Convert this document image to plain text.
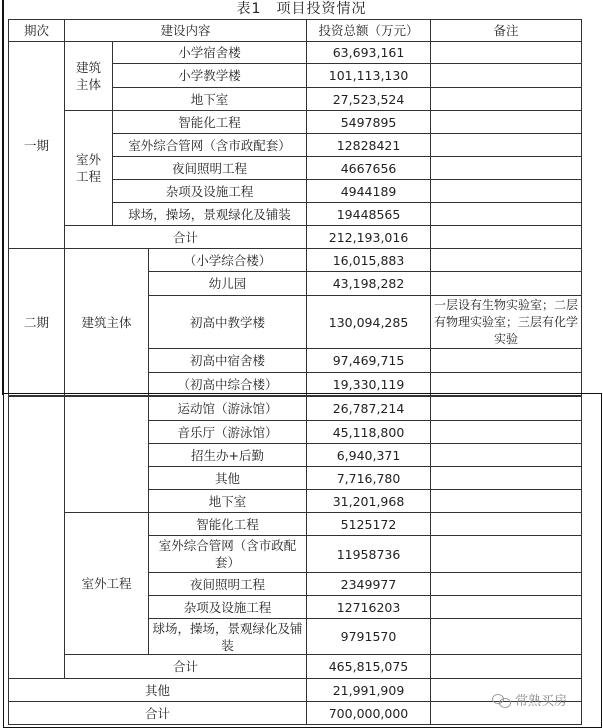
表1　项目投资情况
期次	建设内容			投资总额（万元）	备注
一期	建筑主体	小学宿舍楼		63,693,161	
		小学教学楼		101,113,130	
		地下室		27,523,524	
	室外工程	智能化工程		5497895	
		室外综合管网（含市政配套）		12828421	
		夜间照明工程		4667656	
		杂项及设施工程		4944189	
		球场，操场，景观绿化及铺装		19448565	
	合计			212,193,016	
二期	建筑主体		（小学综合楼）	16,015,883	
			幼儿园	43,198,282	
			初高中教学楼	130,094,285	一层设有生物实验室；二层有物理实验室；三层有化学实验
			初高中宿舍楼	97,469,715	
			（初高中综合楼）	19,330,119	
		运动馆（游泳馆）	26,787,214	
		音乐厅（游泳馆）	45,118,800	
		招生办+后勤	6,940,371	
		其他	7,716,780	
		地下室	31,201,968	
	室外工程	智能化工程	5125172	
		室外综合管网（含市政配套）	11958736	
		夜间照明工程	2349977	
		杂项及设施工程	12716203	
		球场，操场，景观绿化及铺装	9791570	
	合计		465,815,075	
其他			21,991,909	
合计			700,000,000	
常熟买房
